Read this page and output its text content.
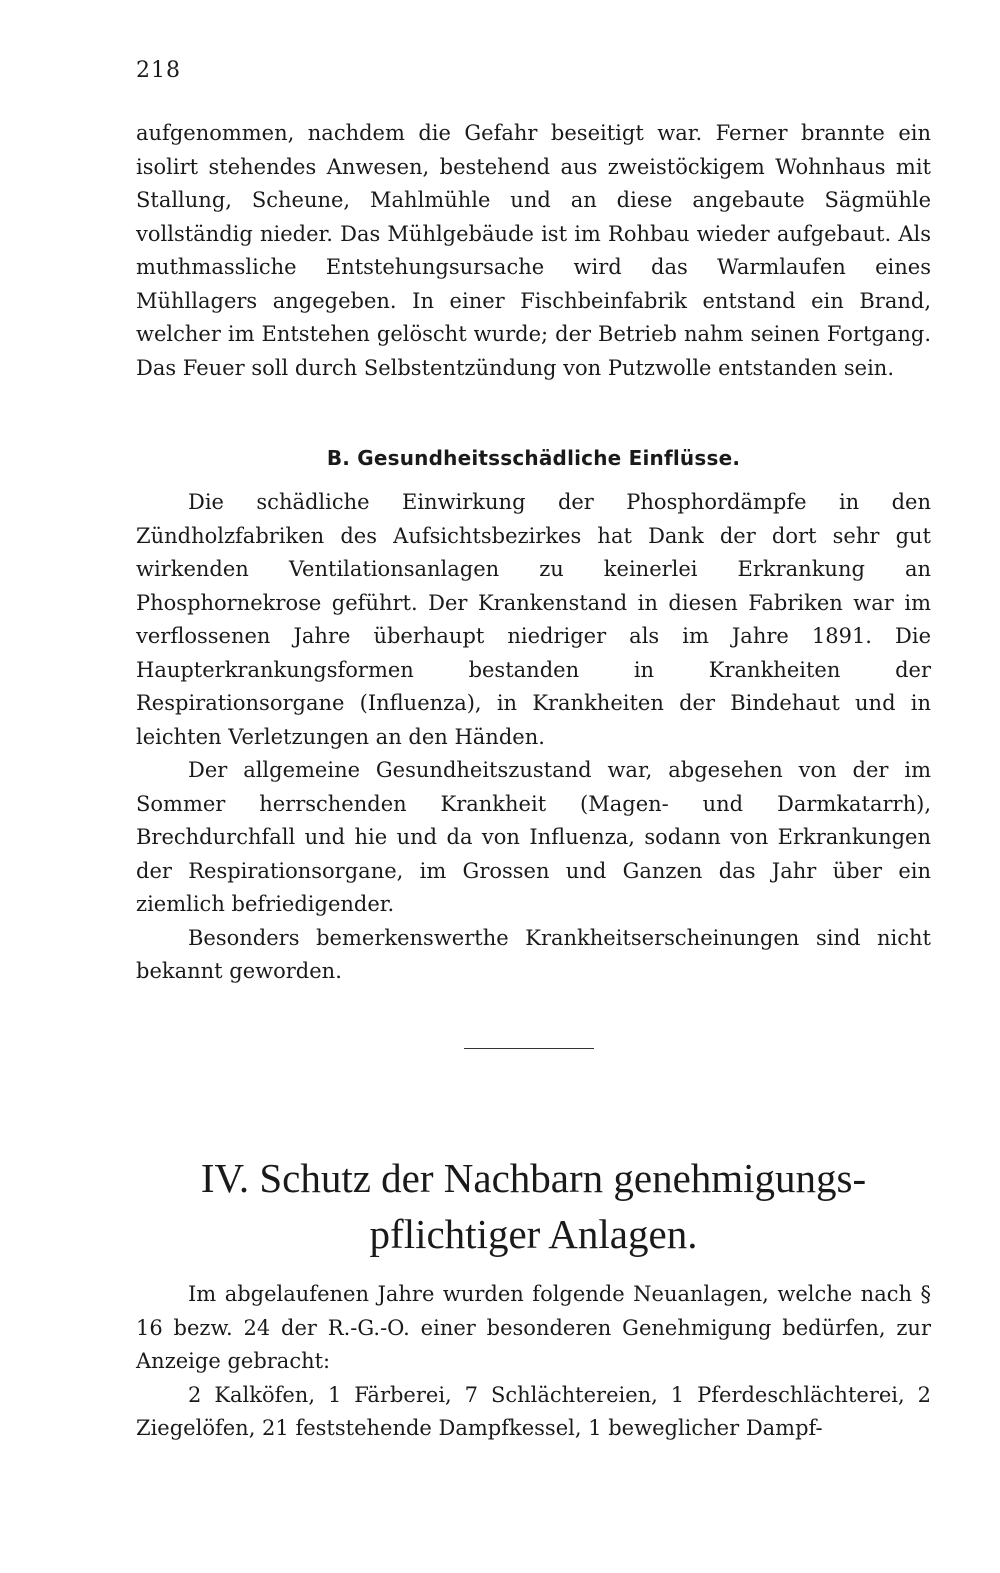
218

aufgenommen, nachdem die Gefahr beseitigt war. Ferner brannte ein isolirt stehendes Anwesen, bestehend aus zweistöckigem Wohnhaus mit Stallung, Scheune, Mahlmühle und an diese angebaute Sägmühle vollständig nieder. Das Mühlgebäude ist im Rohbau wieder aufgebaut. Als muthmassliche Entstehungsursache wird das Warmlaufen eines Mühllagers angegeben. In einer Fischbeinfabrik entstand ein Brand, welcher im Entstehen gelöscht wurde; der Betrieb nahm seinen Fortgang. Das Feuer soll durch Selbstentzündung von Putzwolle entstanden sein.

B. Gesundheitsschädliche Einflüsse.

Die schädliche Einwirkung der Phosphordämpfe in den Zündholzfabriken des Aufsichtsbezirkes hat Dank der dort sehr gut wirkenden Ventilationsanlagen zu keinerlei Erkrankung an Phosphornekrose geführt. Der Krankenstand in diesen Fabriken war im verflossenen Jahre überhaupt niedriger als im Jahre 1891. Die Haupterkrankungsformen bestanden in Krankheiten der Respirationsorgane (Influenza), in Krankheiten der Bindehaut und in leichten Verletzungen an den Händen.

Der allgemeine Gesundheitszustand war, abgesehen von der im Sommer herrschenden Krankheit (Magen- und Darmkatarrh), Brechdurchfall und hie und da von Influenza, sodann von Erkrankungen der Respirationsorgane, im Grossen und Ganzen das Jahr über ein ziemlich befriedigender.

Besonders bemerkenswerthe Krankheitserscheinungen sind nicht bekannt geworden.

IV. Schutz der Nachbarn genehmigungs-
pflichtiger Anlagen.

Im abgelaufenen Jahre wurden folgende Neuanlagen, welche nach § 16 bezw. 24 der R.-G.-O. einer besonderen Genehmigung bedürfen, zur Anzeige gebracht:

2 Kalköfen, 1 Färberei, 7 Schlächtereien, 1 Pferdeschlächterei, 2 Ziegelöfen, 21 feststehende Dampfkessel, 1 beweglicher Dampf-
